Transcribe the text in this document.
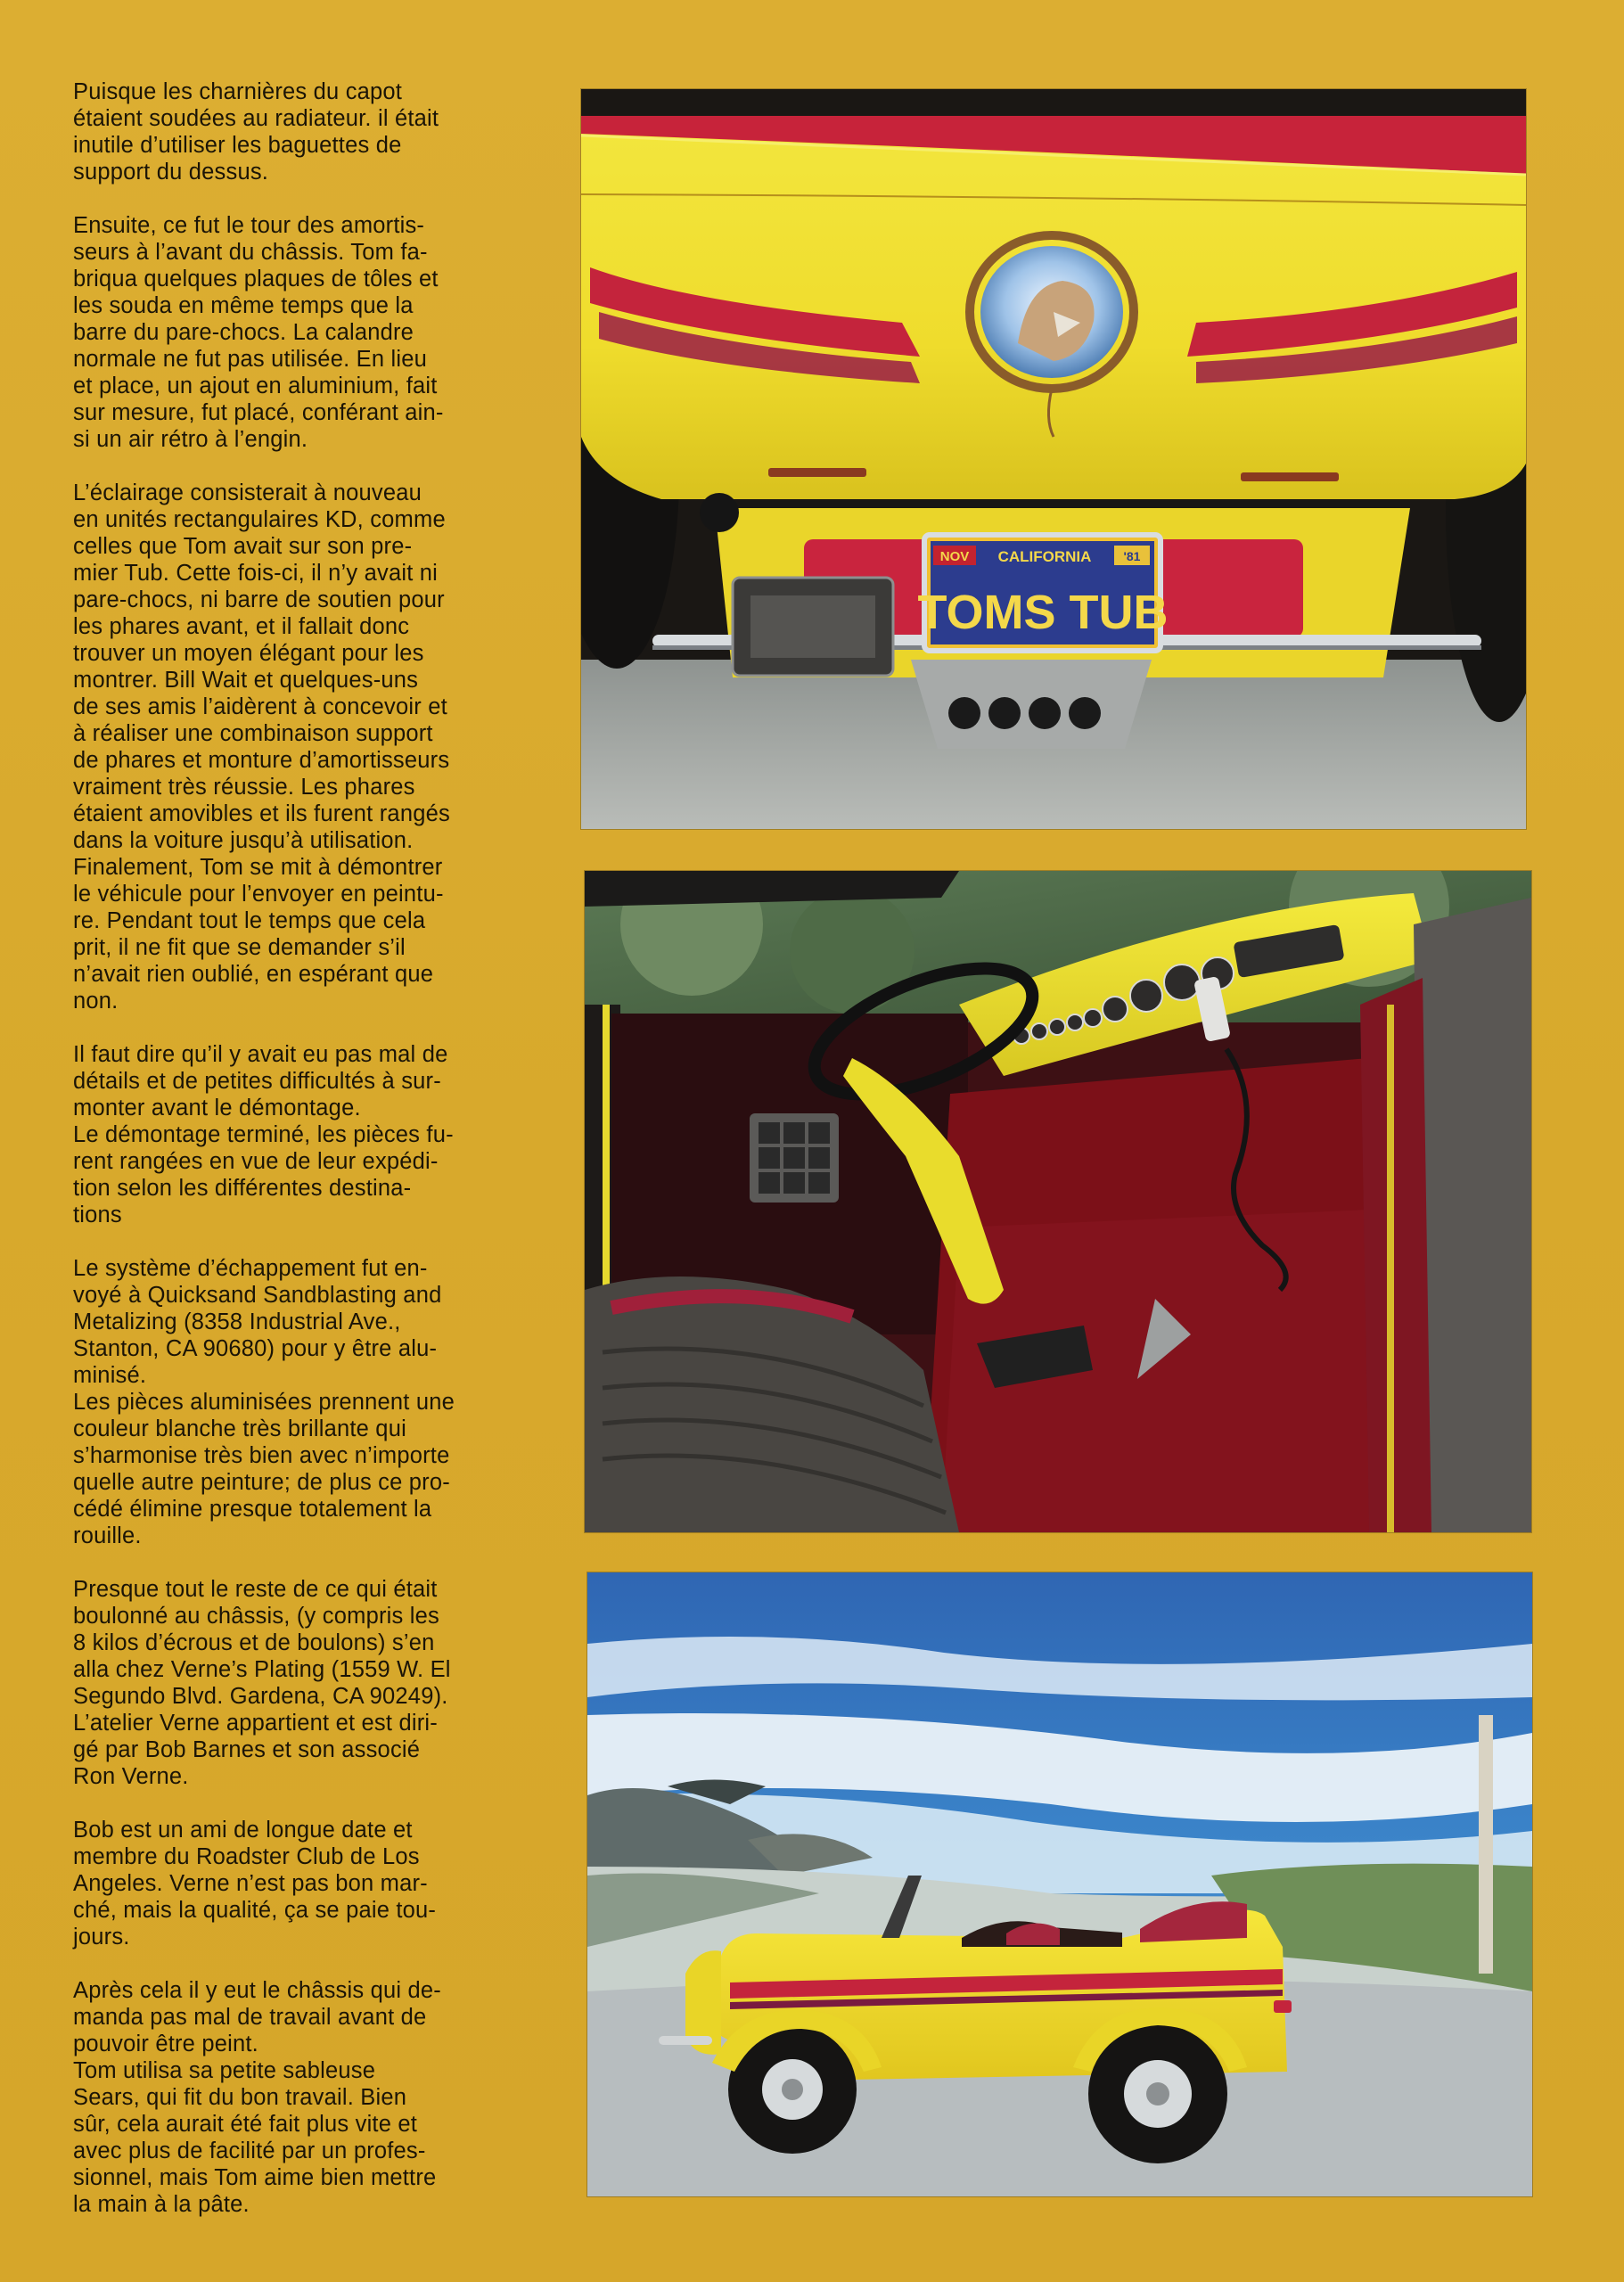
Puisque les charnières du capot
étaient soudées au radiateur. il était
inutile d’utiliser les baguettes de
support du dessus.

Ensuite, ce fut le tour des amortis-
seurs à l’avant du châssis. Tom fa-
briqua quelques plaques de tôles et
les souda en même temps que la
barre du pare-chocs. La calandre
normale ne fut pas utilisée. En lieu
et place, un ajout en aluminium, fait
sur mesure, fut placé, conférant ain-
si un air rétro à l’engin.

L’éclairage consisterait à nouveau
en unités rectangulaires KD, comme
celles que Tom avait sur son pre-
mier Tub. Cette fois-ci, il n’y avait ni
pare-chocs, ni barre de soutien pour
les phares avant, et il fallait donc
trouver un moyen élégant pour les
montrer. Bill Wait et quelques-uns
de ses amis l’aidèrent à concevoir et
à réaliser une combinaison support
de phares et monture d’amortisseurs
vraiment très réussie. Les phares
étaient amovibles et ils furent rangés
dans la voiture jusqu’à utilisation.
Finalement, Tom se mit à démontrer
le véhicule pour l’envoyer en peintu-
re. Pendant tout le temps que cela
prit, il ne fit que se demander s’il
n’avait rien oublié, en espérant que
non.

Il faut dire qu’il y avait eu pas mal de
détails et de petites difficultés à sur-
monter avant le démontage.
Le démontage terminé, les pièces fu-
rent rangées en vue de leur expédi-
tion selon les différentes destina-
tions

Le système d’échappement fut en-
voyé à Quicksand Sandblasting and
Metalizing (8358 Industrial Ave.,
Stanton, CA 90680) pour y être alu-
minisé.
Les pièces aluminisées prennent une
couleur blanche très brillante qui
s’harmonise très bien avec n’importe
quelle autre peinture; de plus ce pro-
cédé élimine presque totalement la
rouille.

Presque tout le reste de ce qui était
boulonné au châssis, (y compris les
8 kilos d’écrous et de boulons) s’en
alla chez Verne’s Plating (1559 W. El
Segundo Blvd. Gardena, CA 90249).
L’atelier Verne appartient et est diri-
gé par Bob Barnes et son associé
Ron Verne.

Bob est un ami de longue date et
membre du Roadster Club de Los
Angeles. Verne n’est pas bon mar-
ché, mais la qualité, ça se paie tou-
jours.

Après cela il y eut le châssis qui de-
manda pas mal de travail avant de
pouvoir être peint.
Tom utilisa sa petite sableuse
Sears, qui fit du bon travail. Bien
sûr, cela aurait été fait plus vite et
avec plus de facilité par un profes-
sionnel, mais Tom aime bien mettre
la main à la pâte.

NOV CALIFORNIA	'81
TOMS TUB
